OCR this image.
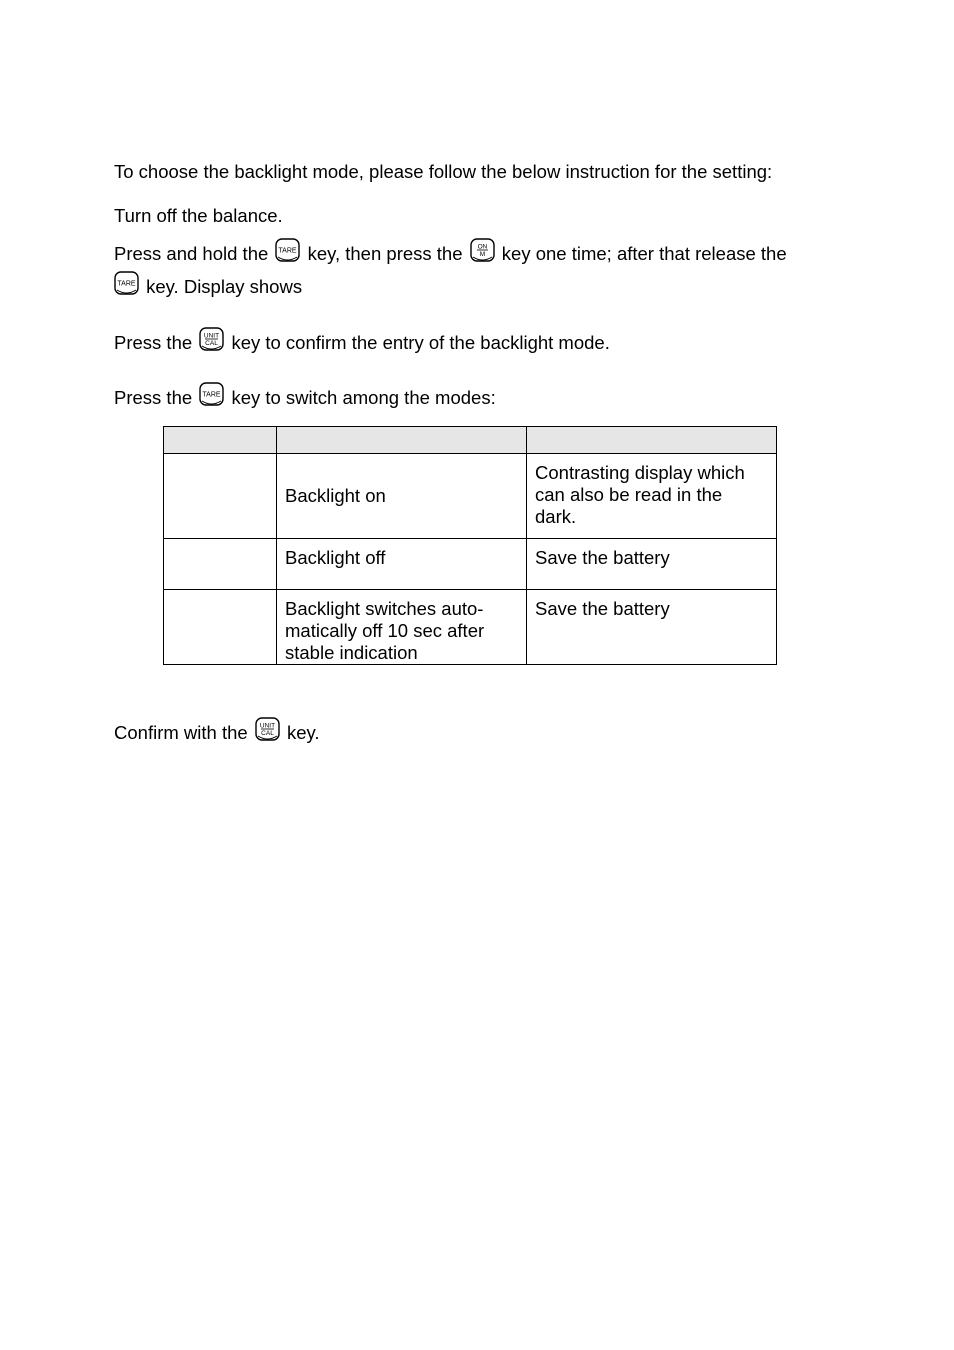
To choose the backlight mode, please follow the below instruction for the setting:
Turn off the balance.
Press and hold the TARE key, then press the ON
M key one time; after that release the
TARE key. Display shows
Press the UNIT
CAL key to confirm the entry of the backlight mode.
Press the TARE key to switch among the modes:

	Backlight on	Contrasting display which can also be read in the dark.
	Backlight off	Save the battery
	Backlight switches auto-matically off 10 sec after stable indication	Save the battery
Confirm with the UNIT
CAL key.
